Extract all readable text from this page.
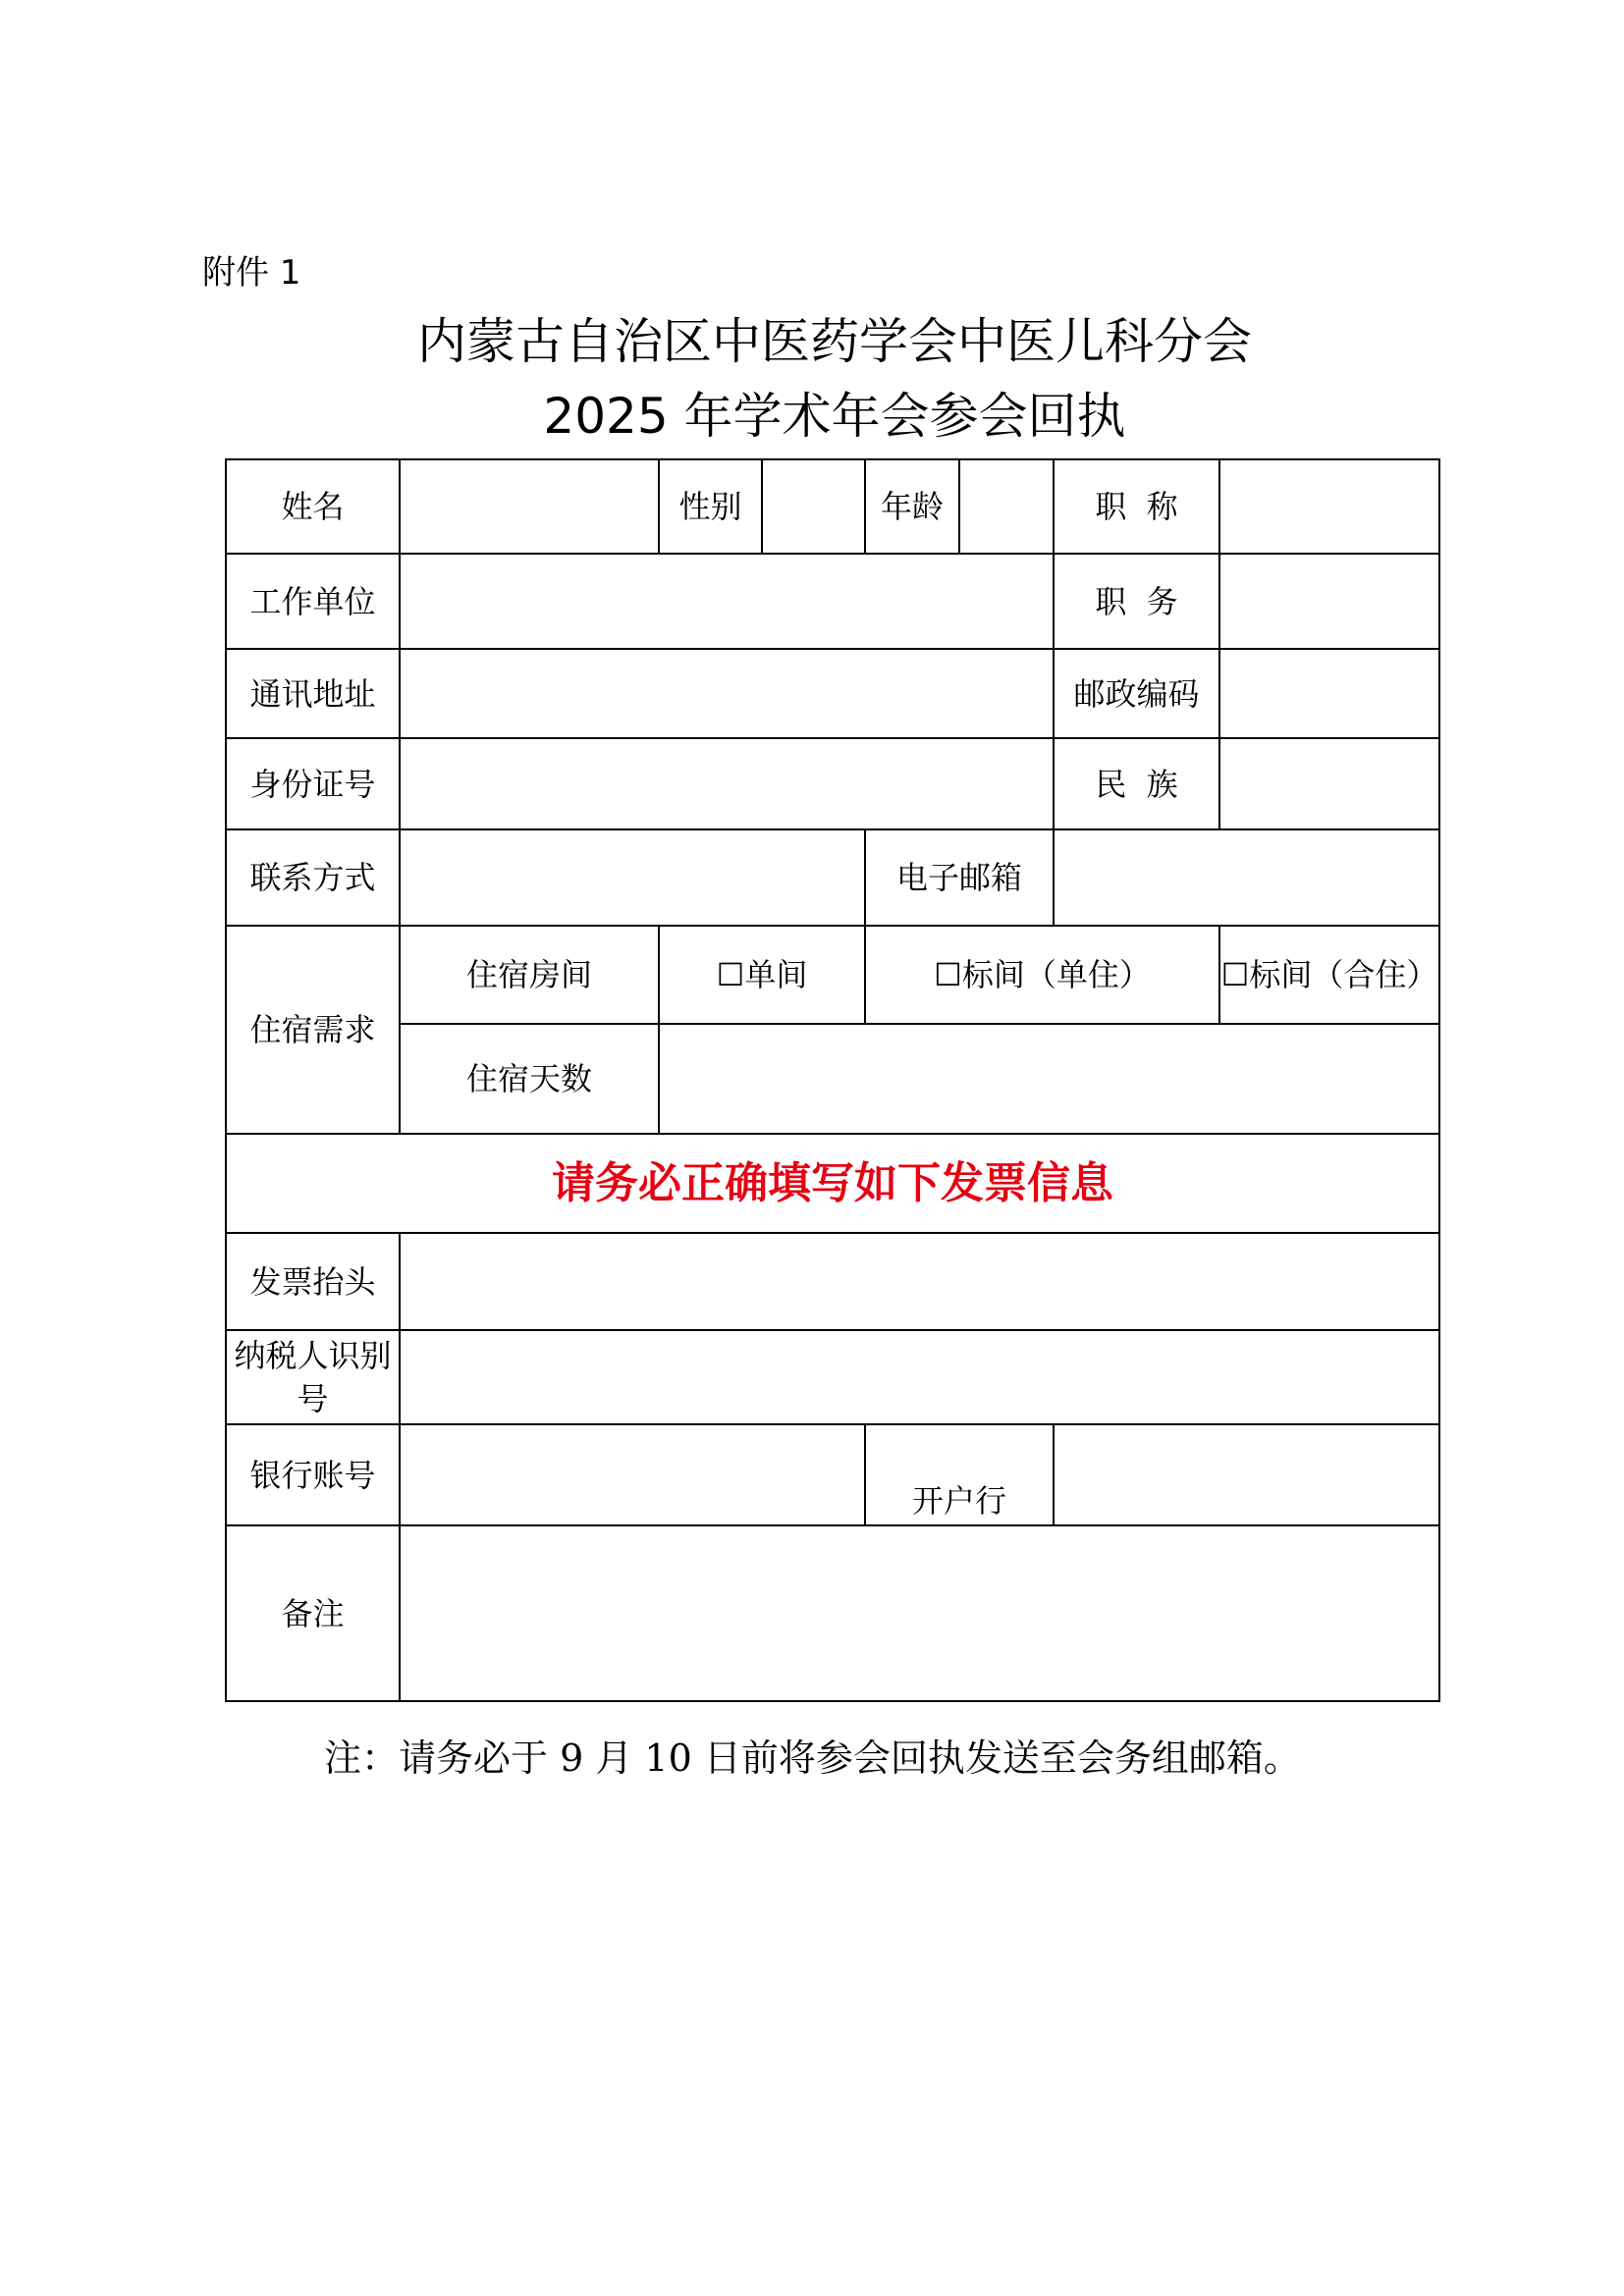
附件 1
内蒙古自治区中医药学会中医儿科分会
2025 年学术年会参会回执
姓名		性别		年龄		职  称	
工作单位						职  务	
通讯地址						邮政编码	
身份证号						民  族	
联系方式				电子邮箱			
住宿需求	住宿房间	☐单间		☐标间（单住）			☐标间（合住）
	住宿天数						
请务必正确填写如下发票信息							
发票抬头							
纳税人识别号							
银行账号				开户行			
备注							
注：请务必于 9 月 10 日前将参会回执发送至会务组邮箱。
